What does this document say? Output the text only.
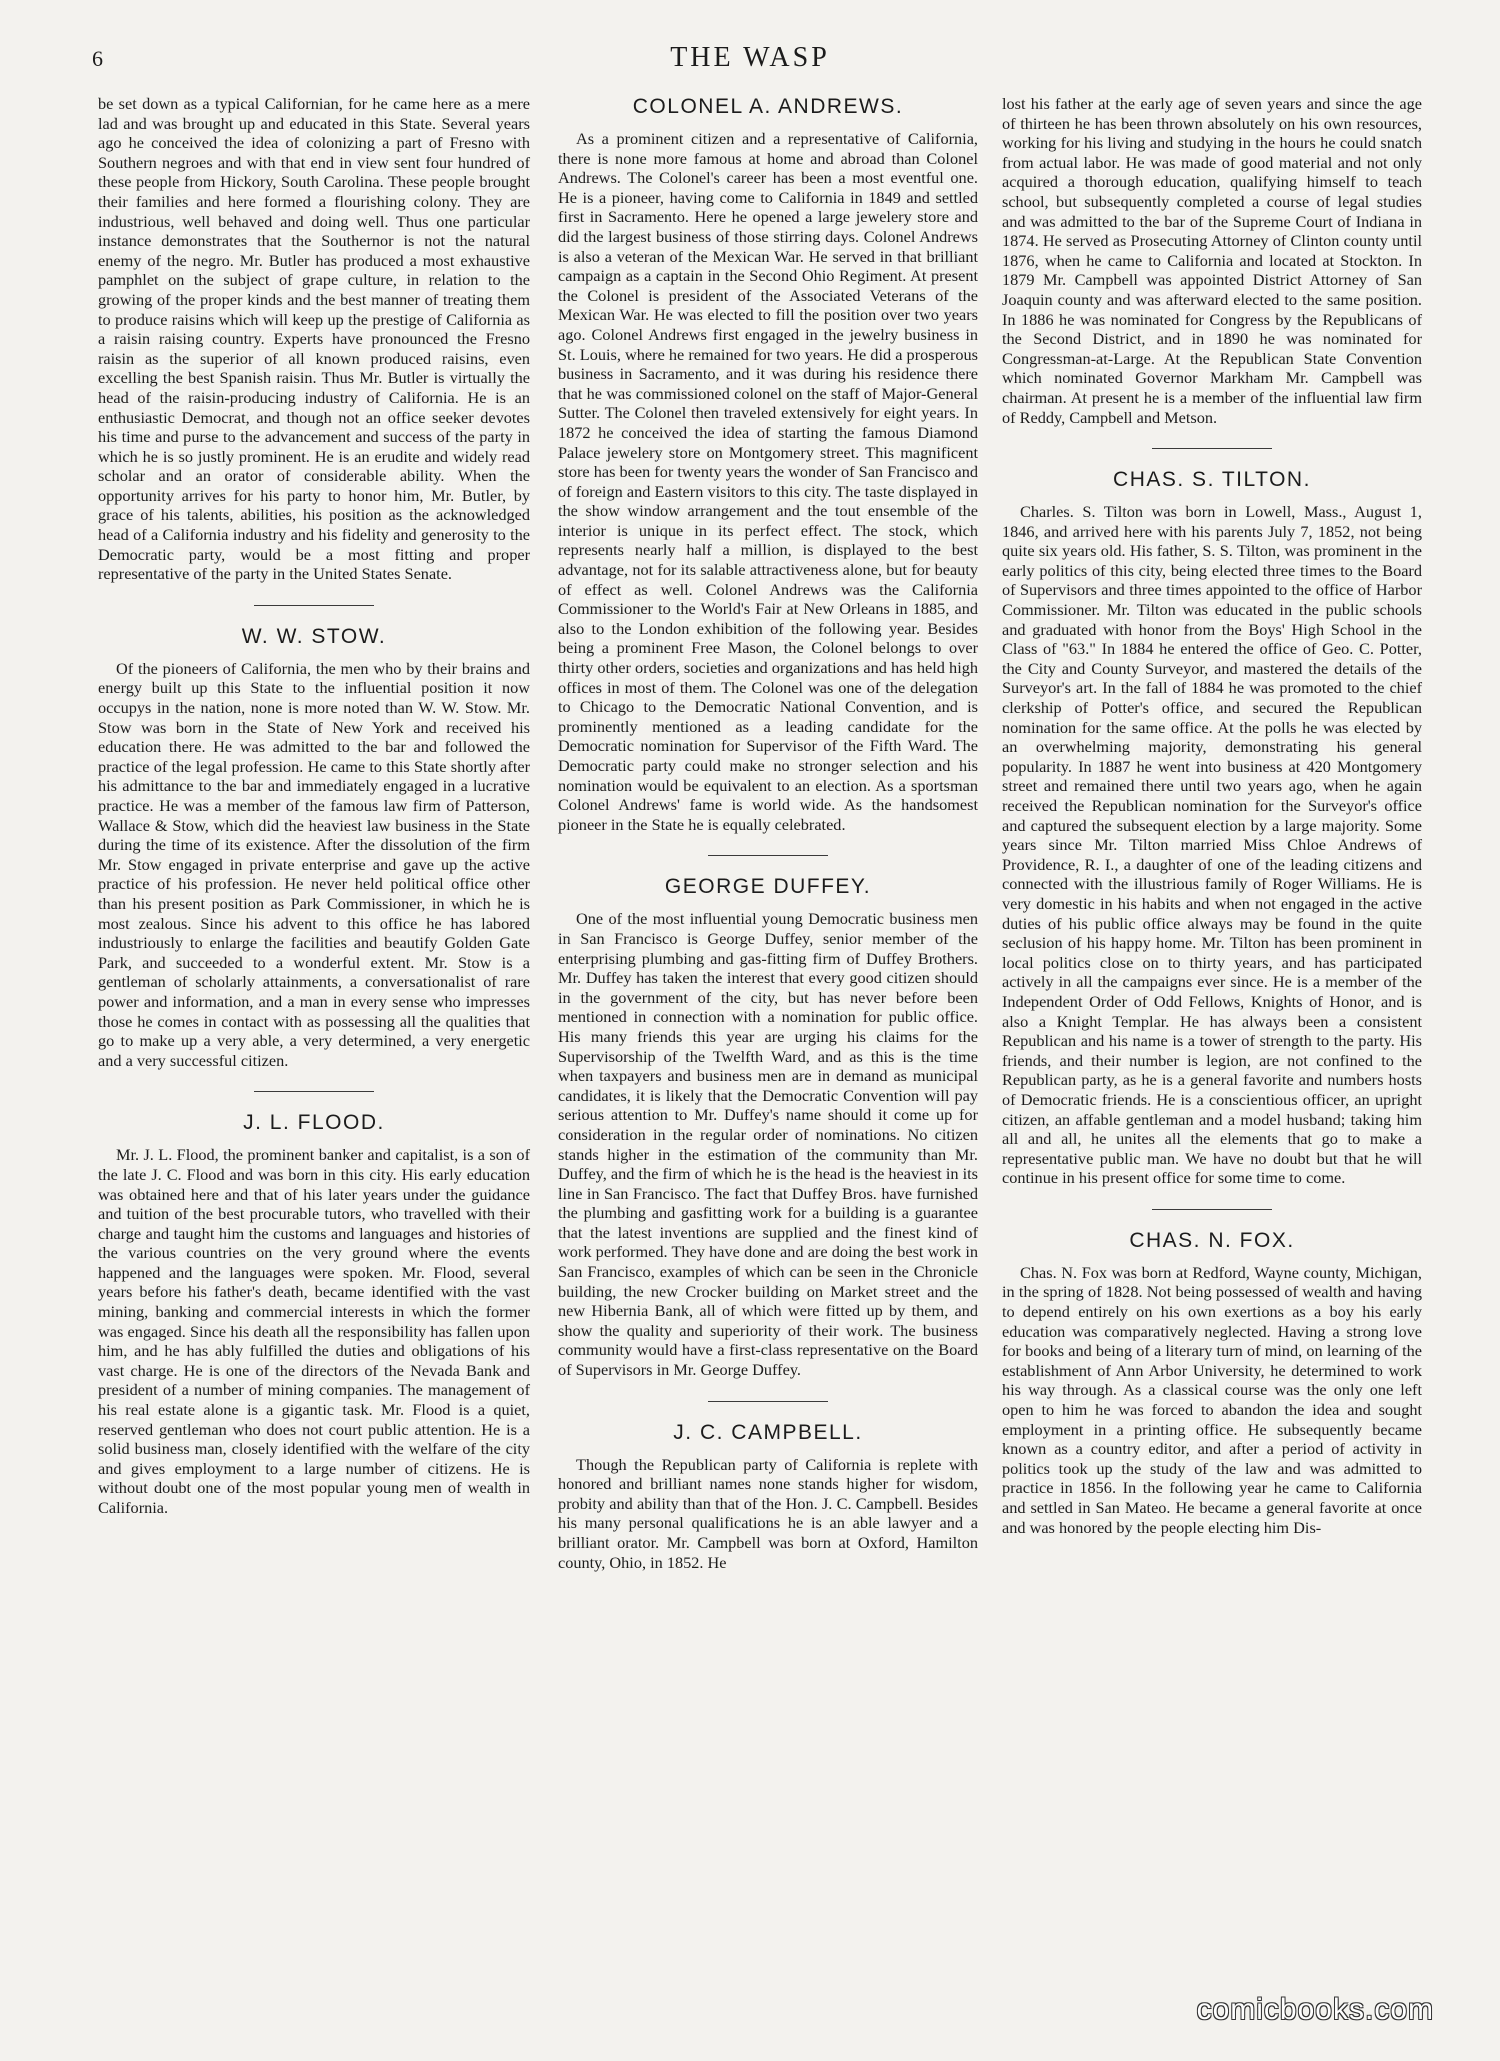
6	THE WASP

be set down as a typical Californian, for he came here as a mere lad and was brought up and educated in this State. Several years ago he conceived the idea of colonizing a part of Fresno with Southern negroes and with that end in view sent four hundred of these people from Hickory, South Carolina. These people brought their families and here formed a flourishing colony. They are industrious, well behaved and doing well. Thus one particular instance demonstrates that the Southernor is not the natural enemy of the negro. Mr. Butler has produced a most exhaustive pamphlet on the subject of grape culture, in relation to the growing of the proper kinds and the best manner of treating them to produce raisins which will keep up the prestige of California as a raisin raising country. Experts have pronounced the Fresno raisin as the superior of all known produced raisins, even excelling the best Spanish raisin. Thus Mr. Butler is virtually the head of the raisin-producing industry of California. He is an enthusiastic Democrat, and though not an office seeker devotes his time and purse to the advancement and success of the party in which he is so justly prominent. He is an erudite and widely read scholar and an orator of considerable ability. When the opportunity arrives for his party to honor him, Mr. Butler, by grace of his talents, abilities, his position as the acknowledged head of a California industry and his fidelity and generosity to the Democratic party, would be a most fitting and proper representative of the party in the United States Senate.

W. W. STOW.

Of the pioneers of California, the men who by their brains and energy built up this State to the influential position it now occupys in the nation, none is more noted than W. W. Stow. Mr. Stow was born in the State of New York and received his education there. He was admitted to the bar and followed the practice of the legal profession. He came to this State shortly after his admittance to the bar and immediately engaged in a lucrative practice. He was a member of the famous law firm of Patterson, Wallace & Stow, which did the heaviest law business in the State during the time of its existence. After the dissolution of the firm Mr. Stow engaged in private enterprise and gave up the active practice of his profession. He never held political office other than his present position as Park Commissioner, in which he is most zealous. Since his advent to this office he has labored industriously to enlarge the facilities and beautify Golden Gate Park, and succeeded to a wonderful extent. Mr. Stow is a gentleman of scholarly attainments, a conversationalist of rare power and information, and a man in every sense who impresses those he comes in contact with as possessing all the qualities that go to make up a very able, a very determined, a very energetic and a very successful citizen.

J. L. FLOOD.

Mr. J. L. Flood, the prominent banker and capitalist, is a son of the late J. C. Flood and was born in this city. His early education was obtained here and that of his later years under the guidance and tuition of the best procurable tutors, who travelled with their charge and taught him the customs and languages and histories of the various countries on the very ground where the events happened and the languages were spoken. Mr. Flood, several years before his father's death, became identified with the vast mining, banking and commercial interests in which the former was engaged. Since his death all the responsibility has fallen upon him, and he has ably fulfilled the duties and obligations of his vast charge. He is one of the directors of the Nevada Bank and president of a number of mining companies. The management of his real estate alone is a gigantic task. Mr. Flood is a quiet, reserved gentleman who does not court public attention. He is a solid business man, closely identified with the welfare of the city and gives employment to a large number of citizens. He is without doubt one of the most popular young men of wealth in California.

COLONEL A. ANDREWS.

As a prominent citizen and a representative of California, there is none more famous at home and abroad than Colonel Andrews. The Colonel's career has been a most eventful one. He is a pioneer, having come to California in 1849 and settled first in Sacramento. Here he opened a large jewelery store and did the largest business of those stirring days. Colonel Andrews is also a veteran of the Mexican War. He served in that brilliant campaign as a captain in the Second Ohio Regiment. At present the Colonel is president of the Associated Veterans of the Mexican War. He was elected to fill the position over two years ago. Colonel Andrews first engaged in the jewelry business in St. Louis, where he remained for two years. He did a prosperous business in Sacramento, and it was during his residence there that he was commissioned colonel on the staff of Major-General Sutter. The Colonel then traveled extensively for eight years. In 1872 he conceived the idea of starting the famous Diamond Palace jewelery store on Montgomery street. This magnificent store has been for twenty years the wonder of San Francisco and of foreign and Eastern visitors to this city. The taste displayed in the show window arrangement and the tout ensemble of the interior is unique in its perfect effect. The stock, which represents nearly half a million, is displayed to the best advantage, not for its salable attractiveness alone, but for beauty of effect as well. Colonel Andrews was the California Commissioner to the World's Fair at New Orleans in 1885, and also to the London exhibition of the following year. Besides being a prominent Free Mason, the Colonel belongs to over thirty other orders, societies and organizations and has held high offices in most of them. The Colonel was one of the delegation to Chicago to the Democratic National Convention, and is prominently mentioned as a leading candidate for the Democratic nomination for Supervisor of the Fifth Ward. The Democratic party could make no stronger selection and his nomination would be equivalent to an election. As a sportsman Colonel Andrews' fame is world wide. As the handsomest pioneer in the State he is equally celebrated.

GEORGE DUFFEY.

One of the most influential young Democratic business men in San Francisco is George Duffey, senior member of the enterprising plumbing and gas-fitting firm of Duffey Brothers. Mr. Duffey has taken the interest that every good citizen should in the government of the city, but has never before been mentioned in connection with a nomination for public office. His many friends this year are urging his claims for the Supervisorship of the Twelfth Ward, and as this is the time when taxpayers and business men are in demand as municipal candidates, it is likely that the Democratic Convention will pay serious attention to Mr. Duffey's name should it come up for consideration in the regular order of nominations. No citizen stands higher in the estimation of the community than Mr. Duffey, and the firm of which he is the head is the heaviest in its line in San Francisco. The fact that Duffey Bros. have furnished the plumbing and gasfitting work for a building is a guarantee that the latest inventions are supplied and the finest kind of work performed. They have done and are doing the best work in San Francisco, examples of which can be seen in the Chronicle building, the new Crocker building on Market street and the new Hibernia Bank, all of which were fitted up by them, and show the quality and superiority of their work. The business community would have a first-class representative on the Board of Supervisors in Mr. George Duffey.

J. C. CAMPBELL.

Though the Republican party of California is replete with honored and brilliant names none stands higher for wisdom, probity and ability than that of the Hon. J. C. Campbell. Besides his many personal qualifications he is an able lawyer and a brilliant orator. Mr. Campbell was born at Oxford, Hamilton county, Ohio, in 1852. He

lost his father at the early age of seven years and since the age of thirteen he has been thrown absolutely on his own resources, working for his living and studying in the hours he could snatch from actual labor. He was made of good material and not only acquired a thorough education, qualifying himself to teach school, but subsequently completed a course of legal studies and was admitted to the bar of the Supreme Court of Indiana in 1874. He served as Prosecuting Attorney of Clinton county until 1876, when he came to California and located at Stockton. In 1879 Mr. Campbell was appointed District Attorney of San Joaquin county and was afterward elected to the same position. In 1886 he was nominated for Congress by the Republicans of the Second District, and in 1890 he was nominated for Congressman-at-Large. At the Republican State Convention which nominated Governor Markham Mr. Campbell was chairman. At present he is a member of the influential law firm of Reddy, Campbell and Metson.

CHAS. S. TILTON.

Charles. S. Tilton was born in Lowell, Mass., August 1, 1846, and arrived here with his parents July 7, 1852, not being quite six years old. His father, S. S. Tilton, was prominent in the early politics of this city, being elected three times to the Board of Supervisors and three times appointed to the office of Harbor Commissioner. Mr. Tilton was educated in the public schools and graduated with honor from the Boys' High School in the Class of "63." In 1884 he entered the office of Geo. C. Potter, the City and County Surveyor, and mastered the details of the Surveyor's art. In the fall of 1884 he was promoted to the chief clerkship of Potter's office, and secured the Republican nomination for the same office. At the polls he was elected by an overwhelming majority, demonstrating his general popularity. In 1887 he went into business at 420 Montgomery street and remained there until two years ago, when he again received the Republican nomination for the Surveyor's office and captured the subsequent election by a large majority. Some years since Mr. Tilton married Miss Chloe Andrews of Providence, R. I., a daughter of one of the leading citizens and connected with the illustrious family of Roger Williams. He is very domestic in his habits and when not engaged in the active duties of his public office always may be found in the quite seclusion of his happy home. Mr. Tilton has been prominent in local politics close on to thirty years, and has participated actively in all the campaigns ever since. He is a member of the Independent Order of Odd Fellows, Knights of Honor, and is also a Knight Templar. He has always been a consistent Republican and his name is a tower of strength to the party. His friends, and their number is legion, are not confined to the Republican party, as he is a general favorite and numbers hosts of Democratic friends. He is a conscientious officer, an upright citizen, an affable gentleman and a model husband; taking him all and all, he unites all the elements that go to make a representative public man. We have no doubt but that he will continue in his present office for some time to come.

CHAS. N. FOX.

Chas. N. Fox was born at Redford, Wayne county, Michigan, in the spring of 1828. Not being possessed of wealth and having to depend entirely on his own exertions as a boy his early education was comparatively neglected. Having a strong love for books and being of a literary turn of mind, on learning of the establishment of Ann Arbor University, he determined to work his way through. As a classical course was the only one left open to him he was forced to abandon the idea and sought employment in a printing office. He subsequently became known as a country editor, and after a period of activity in politics took up the study of the law and was admitted to practice in 1856. In the following year he came to California and settled in San Mateo. He became a general favorite at once and was honored by the people electing him Dis-

comicbooks.com
